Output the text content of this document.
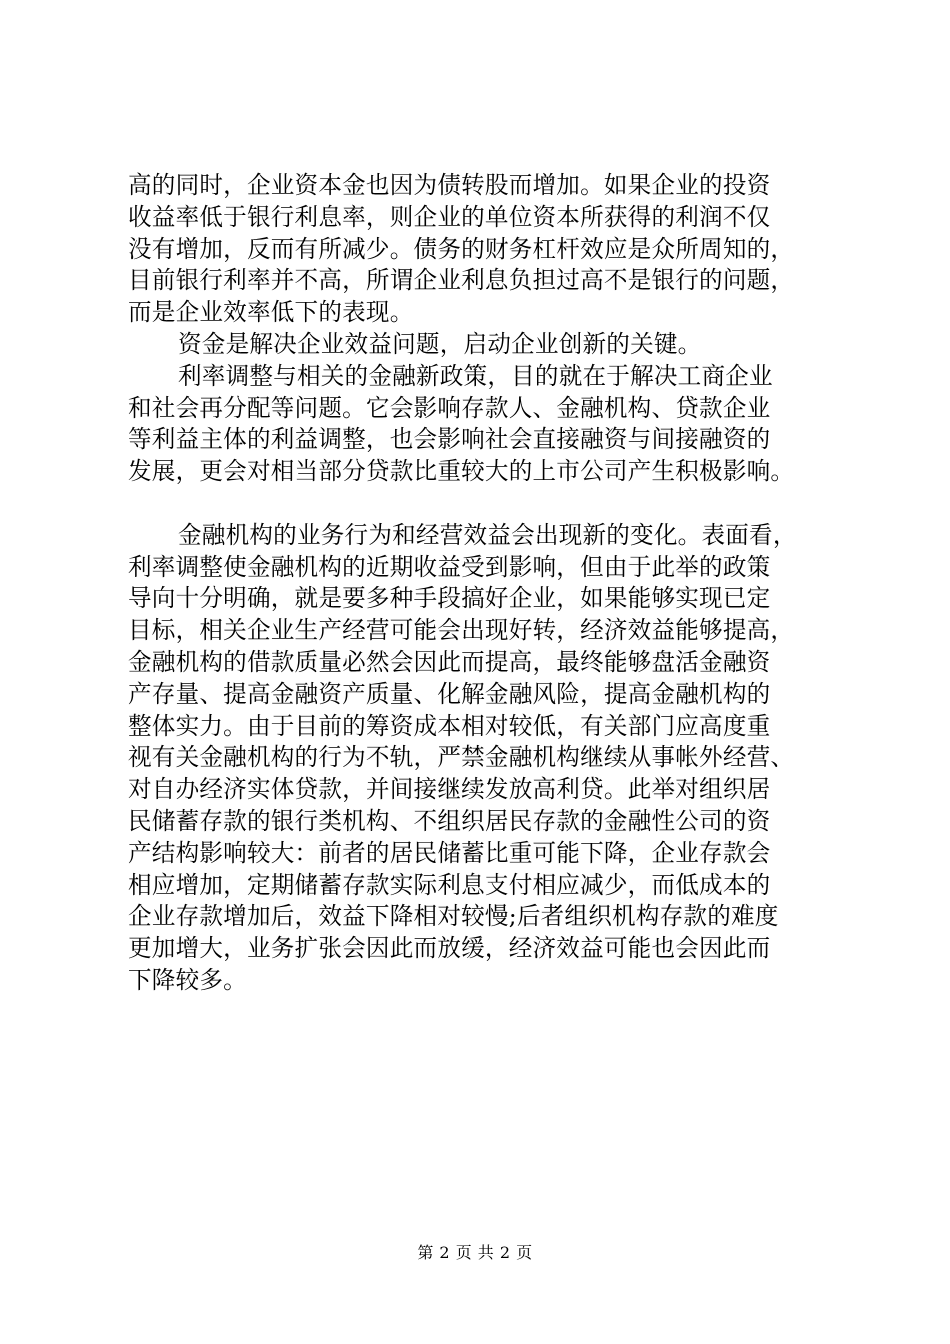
高的同时，企业资本金也因为债转股而增加。如果企业的投资
收益率低于银行利息率，则企业的单位资本所获得的利润不仅
没有增加，反而有所减少。债务的财务杠杆效应是众所周知的，
目前银行利率并不高，所谓企业利息负担过高不是银行的问题，
而是企业效率低下的表现。

资金是解决企业效益问题，启动企业创新的关键。

利率调整与相关的金融新政策，目的就在于解决工商企业
和社会再分配等问题。它会影响存款人、金融机构、贷款企业
等利益主体的利益调整，也会影响社会直接融资与间接融资的
发展，更会对相当部分贷款比重较大的上市公司产生积极影响。

金融机构的业务行为和经营效益会出现新的变化。表面看，
利率调整使金融机构的近期收益受到影响，但由于此举的政策
导向十分明确，就是要多种手段搞好企业，如果能够实现已定
目标，相关企业生产经营可能会出现好转，经济效益能够提高，
金融机构的借款质量必然会因此而提高，最终能够盘活金融资
产存量、提高金融资产质量、化解金融风险，提高金融机构的
整体实力。由于目前的筹资成本相对较低，有关部门应高度重
视有关金融机构的行为不轨，严禁金融机构继续从事帐外经营、
对自办经济实体贷款，并间接继续发放高利贷。此举对组织居
民储蓄存款的银行类机构、不组织居民存款的金融性公司的资
产结构影响较大：前者的居民储蓄比重可能下降，企业存款会
相应增加，定期储蓄存款实际利息支付相应减少，而低成本的
企业存款增加后，效益下降相对较慢;后者组织机构存款的难度
更加增大，业务扩张会因此而放缓，经济效益可能也会因此而
下降较多。

第 2 页 共 2 页
